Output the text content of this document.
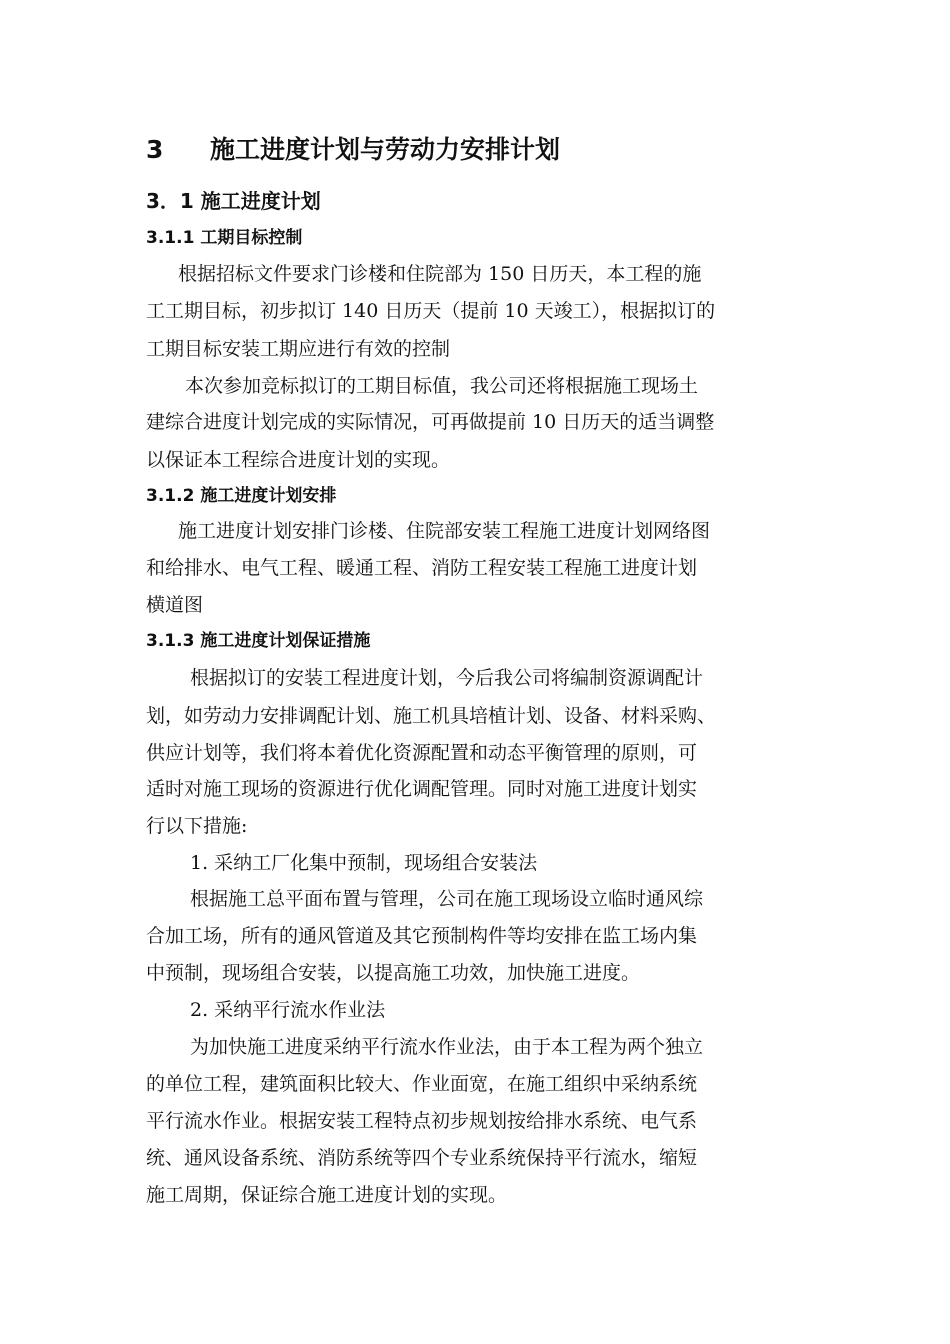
3 施工进度计划与劳动力安排计划
3．1 施工进度计划
3.1.1 工期目标控制
根据招标文件要求门诊楼和住院部为 150 日历天，本工程的施
工工期目标，初步拟订 140 日历天（提前 10 天竣工），根据拟订的
工期目标安装工期应进行有效的控制
本次参加竞标拟订的工期目标值，我公司还将根据施工现场土
建综合进度计划完成的实际情况，可再做提前 10 日历天的适当调整
以保证本工程综合进度计划的实现。
3.1.2 施工进度计划安排
施工进度计划安排门诊楼、住院部安装工程施工进度计划网络图
和给排水、电气工程、暖通工程、消防工程安装工程施工进度计划
横道图
3.1.3 施工进度计划保证措施
根据拟订的安装工程进度计划，今后我公司将编制资源调配计
划，如劳动力安排调配计划、施工机具培植计划、设备、材料采购、
供应计划等，我们将本着优化资源配置和动态平衡管理的原则，可
适时对施工现场的资源进行优化调配管理。同时对施工进度计划实
行以下措施:
1. 采纳工厂化集中预制，现场组合安装法
根据施工总平面布置与管理，公司在施工现场设立临时通风综
合加工场，所有的通风管道及其它预制构件等均安排在监工场内集
中预制，现场组合安装，以提高施工功效，加快施工进度。
2. 采纳平行流水作业法
为加快施工进度采纳平行流水作业法，由于本工程为两个独立
的单位工程，建筑面积比较大、作业面宽，在施工组织中采纳系统
平行流水作业。根据安装工程特点初步规划按给排水系统、电气系
统、通风设备系统、消防系统等四个专业系统保持平行流水，缩短
施工周期，保证综合施工进度计划的实现。
